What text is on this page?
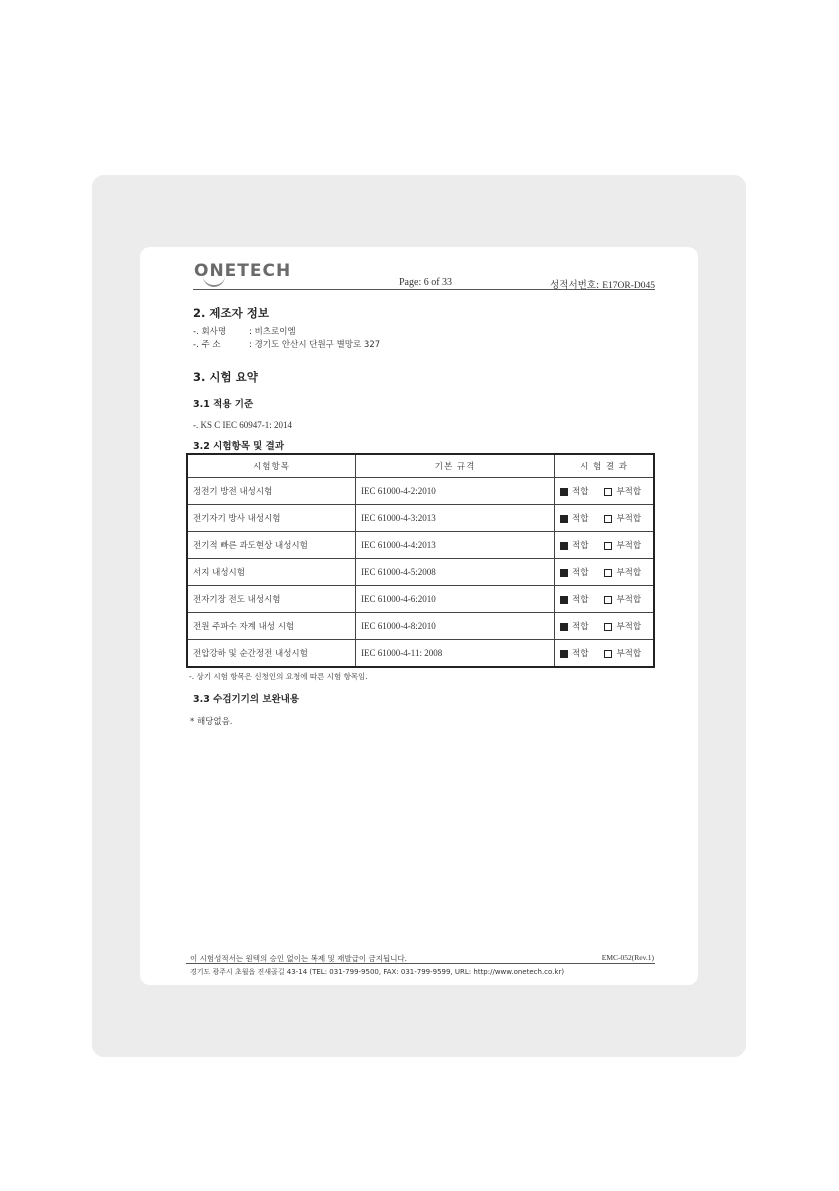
ONETECH
Page: 6 of 33	성적서번호: E17OR-D045
2. 제조자 정보
-. 회사명	: 비츠로이엠
-. 주 소	: 경기도 안산시 단원구 별망로 327
3. 시험 요약
3.1 적용 기준
-. KS C IEC 60947-1: 2014
3.2 시험항목 및 결과
시험항목	기본 규격	시 험 결 과
정전기 방전 내성시험	IEC 61000-4-2:2010	적합 부적합
전기자기 방사 내성시험	IEC 61000-4-3:2013	적합 부적합
전기적 빠른 과도현상 내성시험	IEC 61000-4-4:2013	적합 부적합
서지 내성시험	IEC 61000-4-5:2008	적합 부적합
전자기장 전도 내성시험	IEC 61000-4-6:2010	적합 부적합
전원 주파수 자계 내성 시험	IEC 61000-4-8:2010	적합 부적합
전압강하 및 순간정전 내성시험	IEC 61000-4-11: 2008	적합 부적합
-. 상기 시험 항목은 신청인의 요청에 따른 시험 항목임.
3.3 수검기기의 보완내용
* 해당없음.
이 시험성적서는 원텍의 승인 없이는 복제 및 재발급이 금지됩니다.	EMC-052(Rev.1)
경기도 광주시 초월읍 진새골길 43-14 (TEL: 031-799-9500, FAX: 031-799-9599, URL: http://www.onetech.co.kr)
